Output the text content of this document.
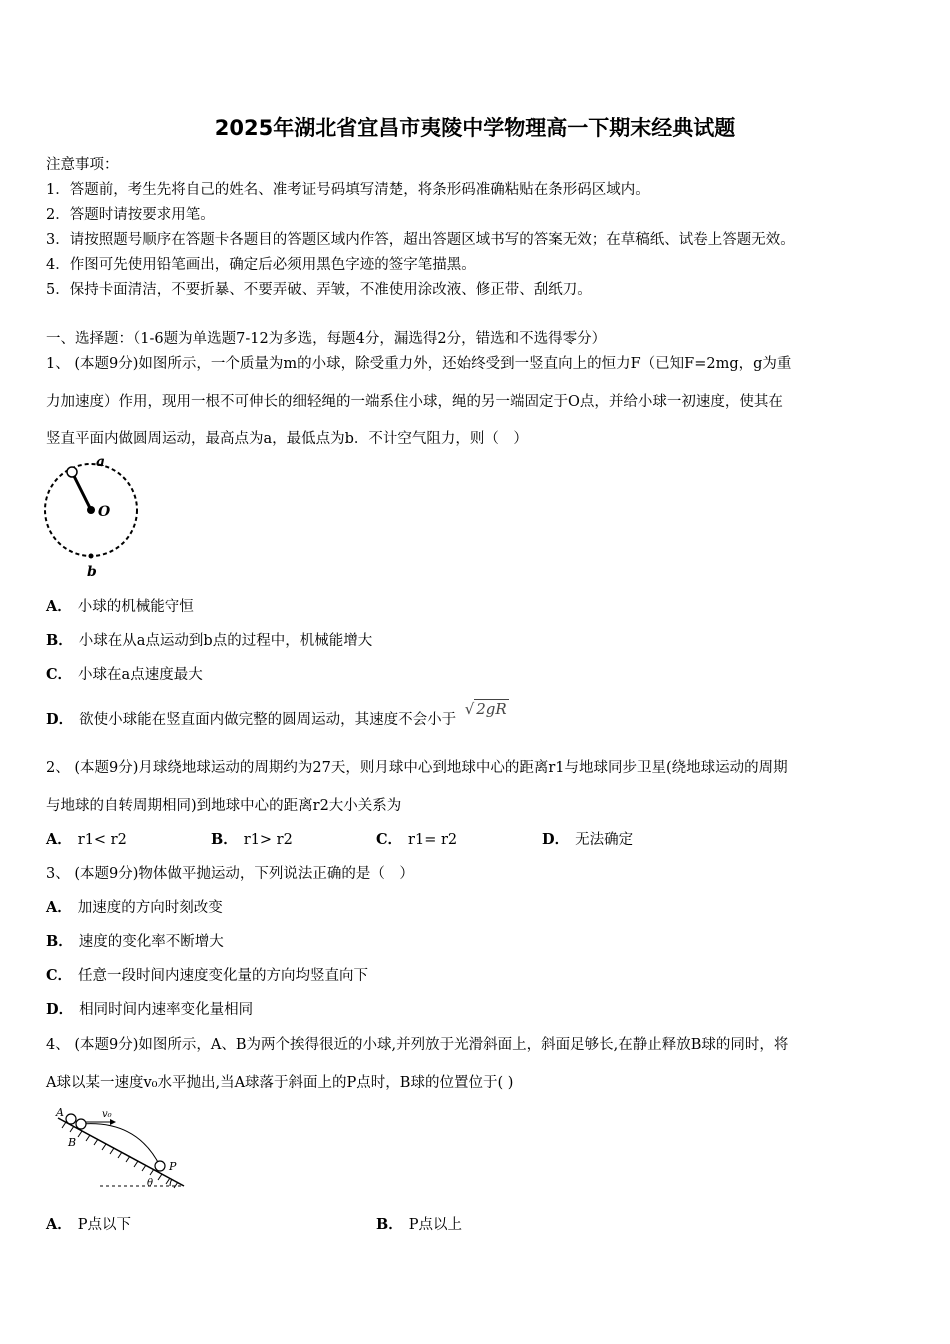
2025年湖北省宜昌市夷陵中学物理高一下期末经典试题
注意事项：
1．答题前，考生先将自己的姓名、准考证号码填写清楚，将条形码准确粘贴在条形码区域内。
2．答题时请按要求用笔。
3．请按照题号顺序在答题卡各题目的答题区域内作答，超出答题区域书写的答案无效；在草稿纸、试卷上答题无效。
4．作图可先使用铅笔画出，确定后必须用黑色字迹的签字笔描黑。
5．保持卡面清洁，不要折暴、不要弄破、弄皱，不准使用涂改液、修正带、刮纸刀。
一、选择题：（1-6题为单选题7-12为多选，每题4分，漏选得2分，错选和不选得零分）
1、 (本题9分)如图所示，一个质量为m的小球，除受重力外，还始终受到一竖直向上的恒力F（已知F=2mg，g为重
力加速度）作用，现用一根不可伸长的细轻绳的一端系住小球，绳的另一端固定于O点，并给小球一初速度，使其在
竖直平面内做圆周运动，最高点为a，最低点为b．不计空气阻力，则（　）
a
O
b
A． 小球的机械能守恒
B． 小球在从a点运动到b点的过程中，机械能增大
C． 小球在a点速度最大
D． 欲使小球能在竖直面内做完整的圆周运动，其速度不会小于 √ 2gR
2、 (本题9分)月球绕地球运动的周期约为27天，则月球中心到地球中心的距离r1与地球同步卫星(绕地球运动的周期
与地球的自转周期相同)到地球中心的距离r2大小关系为
A． r1< r2	B． r1> r2	C． r1= r2	D． 无法确定
3、 (本题9分)物体做平抛运动，下列说法正确的是（　）
A． 加速度的方向时刻改变
B． 速度的变化率不断增大
C． 任意一段时间内速度变化量的方向均竖直向下
D． 相同时间内速率变化量相同
4、 (本题9分)如图所示，A、B为两个挨得很近的小球,并列放于光滑斜面上，斜面足够长,在静止释放B球的同时，将
A球以某一速度v₀水平抛出,当A球落于斜面上的P点时，B球的位置位于( )
A
B
v₀
P
θ
A． P点以下	B． P点以上
